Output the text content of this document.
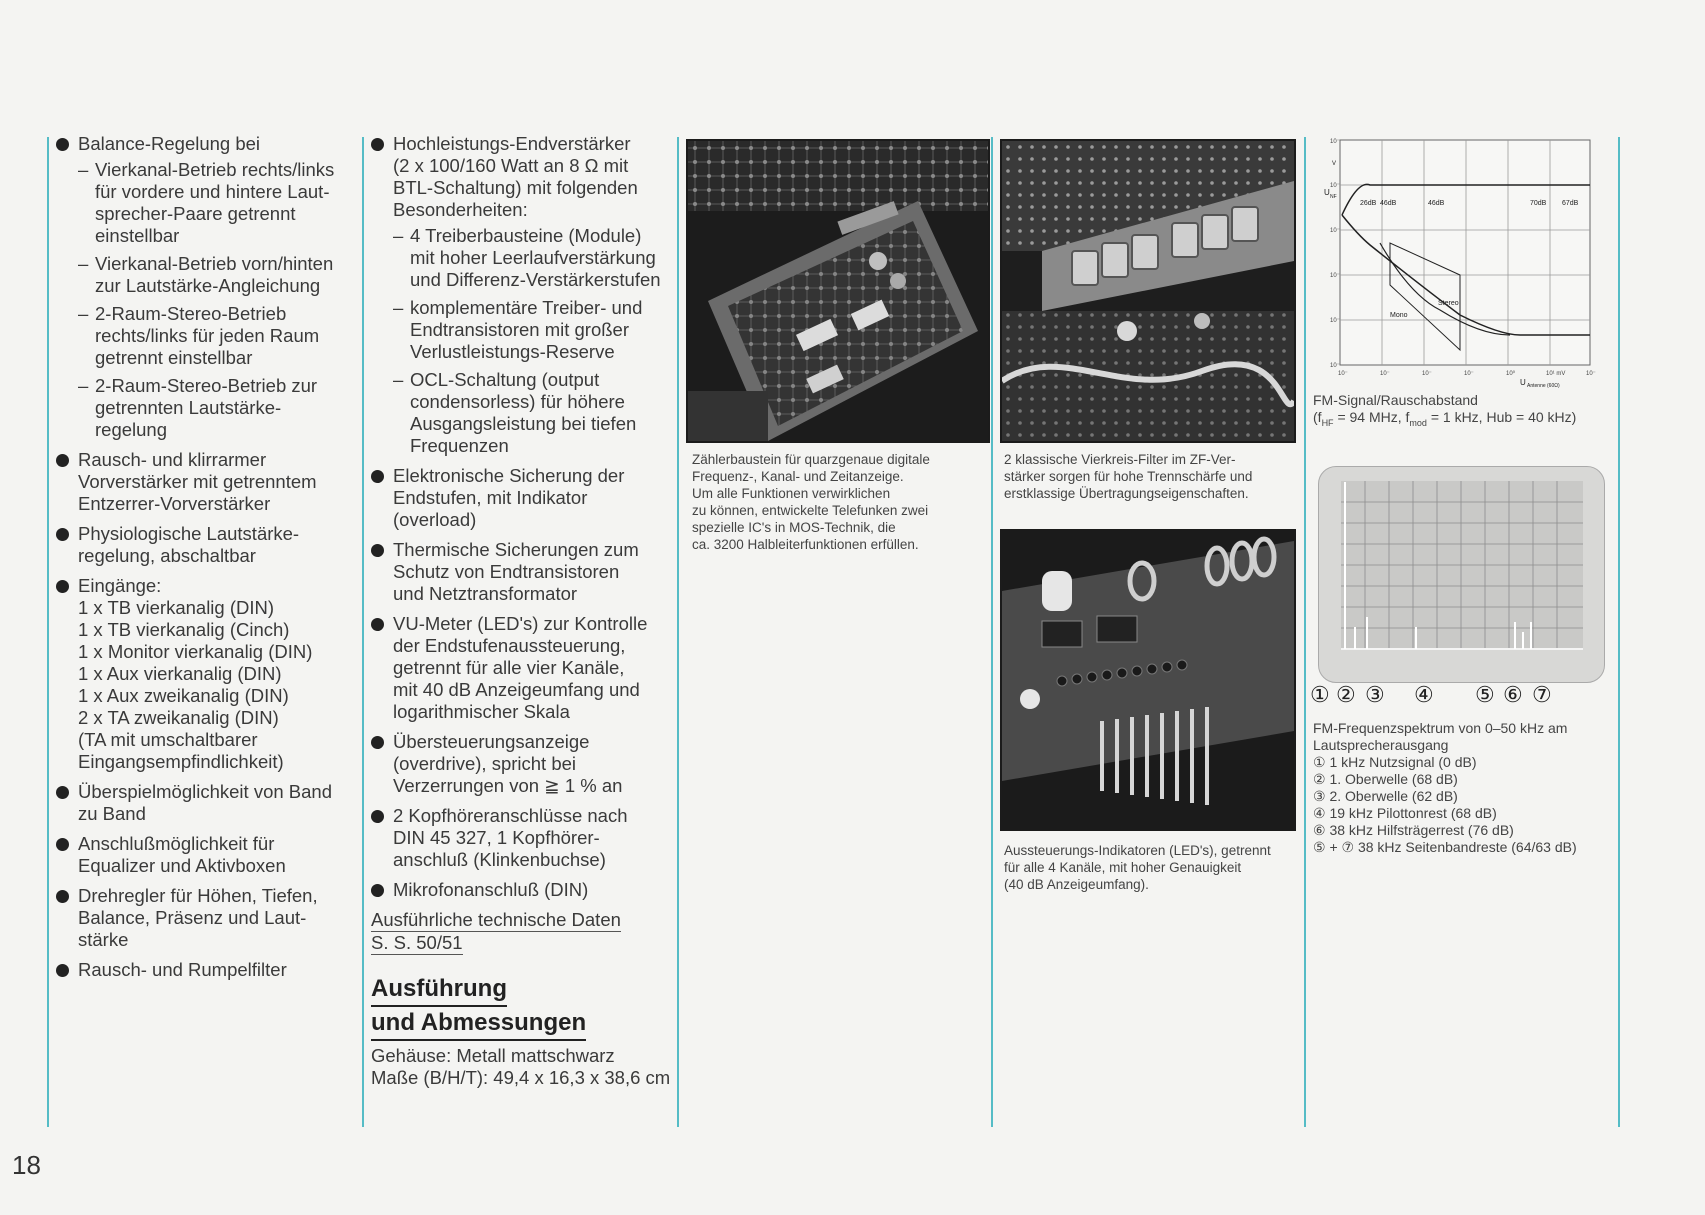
Balance-Regelung bei
– Vierkanal-Betrieb rechts/links
für vordere und hintere Laut-
sprecher-Paare getrennt
einstellbar
– Vierkanal-Betrieb vorn/hinten
zur Lautstärke-Angleichung
– 2-Raum-Stereo-Betrieb
rechts/links für jeden Raum
getrennt einstellbar
– 2-Raum-Stereo-Betrieb zur
getrennten Lautstärke-
regelung
Rausch- und klirrarmer
Vorverstärker mit getrenntem
Entzerrer-Vorverstärker
Physiologische Lautstärke-
regelung, abschaltbar
Eingänge:
1 x TB vierkanalig (DIN)
1 x TB vierkanalig (Cinch)
1 x Monitor vierkanalig (DIN)
1 x Aux vierkanalig (DIN)
1 x Aux zweikanalig (DIN)
2 x TA zweikanalig (DIN)
(TA mit umschaltbarer
Eingangsempfindlichkeit)
Überspielmöglichkeit von Band
zu Band
Anschlußmöglichkeit für
Equalizer und Aktivboxen
Drehregler für Höhen, Tiefen,
Balance, Präsenz und Laut-
stärke
Rausch- und Rumpelfilter
Hochleistungs-Endverstärker
(2 x 100/160 Watt an 8 Ω mit
BTL-Schaltung) mit folgenden
Besonderheiten:
– 4 Treiberbausteine (Module)
mit hoher Leerlaufverstärkung
und Differenz-Verstärkerstufen
– komplementäre Treiber- und
Endtransistoren mit großer
Verlustleistungs-Reserve
– OCL-Schaltung (output
condensorless) für höhere
Ausgangsleistung bei tiefen
Frequenzen
Elektronische Sicherung der
Endstufen, mit Indikator
(overload)
Thermische Sicherungen zum
Schutz von Endtransistoren
und Netztransformator
VU-Meter (LED's) zur Kontrolle
der Endstufenaussteuerung,
getrennt für alle vier Kanäle,
mit 40 dB Anzeigeumfang und
logarithmischer Skala
Übersteuerungsanzeige
(overdrive), spricht bei
Verzerrungen von ≧ 1 % an
2 Kopfhöreranschlüsse nach
DIN 45 327, 1 Kopfhörer-
anschluß (Klinkenbuchse)
Mikrofonanschluß (DIN)
Ausführliche technische Daten
S. S. 50/51
Ausführung
und Abmessungen
Gehäuse: Metall mattschwarz
Maße (B/H/T): 49,4 x 16,3 x 38,6 cm
Zählerbaustein für quarzgenaue digitale
Frequenz-, Kanal- und Zeitanzeige.
Um alle Funktionen verwirklichen
zu können, entwickelte Telefunken zwei
spezielle IC's in MOS-Technik, die
ca. 3200 Halbleiterfunktionen erfüllen.
2 klassische Vierkreis-Filter im ZF-Ver-
stärker sorgen für hohe Trennschärfe und
erstklassige Übertragungseigenschaften.
Aussteuerungs-Indikatoren (LED's), getrennt
für alle 4 Kanäle, mit hoher Genauigkeit
(40 dB Anzeigeumfang).
26dB 46dB	46dB	70dB 67dB
Mono
Stereo
10⁻
10⁻
10⁻
10⁻
10⁻
10⁻
10⁻	10⁻	10⁻	10⁻	10⁰	10¹ mV	10⁻
U NF
V
U Antenne (60Ω)
FM-Signal/Rauschabstand
($f_{HF} = 94$ MHz, $f_{mod} = 1$ kHz, Hub = 40 kHz)
① ② ③ ④ ⑤ ⑥ ⑦
FM-Frequenzspektrum von 0–50 kHz am
Lautsprecherausgang
① 1 kHz Nutzsignal (0 dB)
② 1. Oberwelle (68 dB)
③ 2. Oberwelle (62 dB)
④ 19 kHz Pilottonrest (68 dB)
⑥ 38 kHz Hilfsträgerrest (76 dB)
⑤ + ⑦ 38 kHz Seitenbandreste (64/63 dB)
18
